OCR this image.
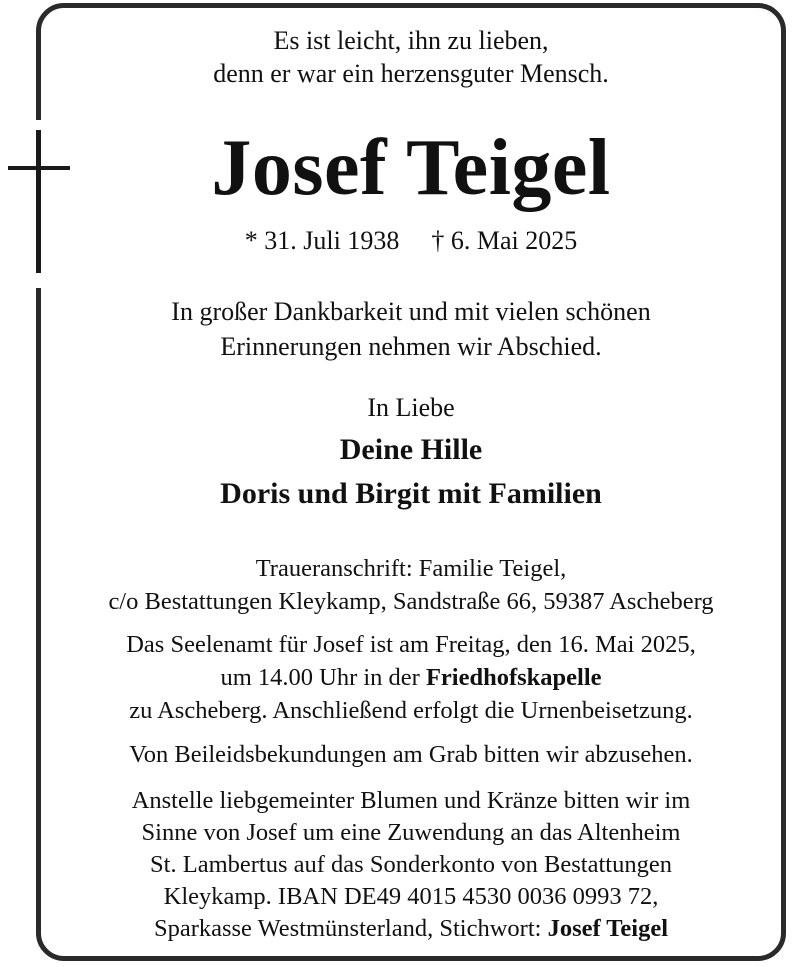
Es ist leicht, ihn zu lieben,
denn er war ein herzensguter Mensch.
Josef Teigel
* 31. Juli 1938 † 6. Mai 2025
In großer Dankbarkeit und mit vielen schönen
Erinnerungen nehmen wir Abschied.
In Liebe
Deine Hille
Doris und Birgit mit Familien
Traueranschrift: Familie Teigel,
c/o Bestattungen Kleykamp, Sandstraße 66, 59387 Ascheberg
Das Seelenamt für Josef ist am Freitag, den 16. Mai 2025,
um 14.00 Uhr in der Friedhofskapelle
zu Ascheberg. Anschließend erfolgt die Urnenbeisetzung.
Von Beileidsbekundungen am Grab bitten wir abzusehen.
Anstelle liebgemeinter Blumen und Kränze bitten wir im
Sinne von Josef um eine Zuwendung an das Altenheim
St. Lambertus auf das Sonderkonto von Bestattungen
Kleykamp. IBAN DE49 4015 4530 0036 0993 72,
Sparkasse Westmünsterland, Stichwort: Josef Teigel
